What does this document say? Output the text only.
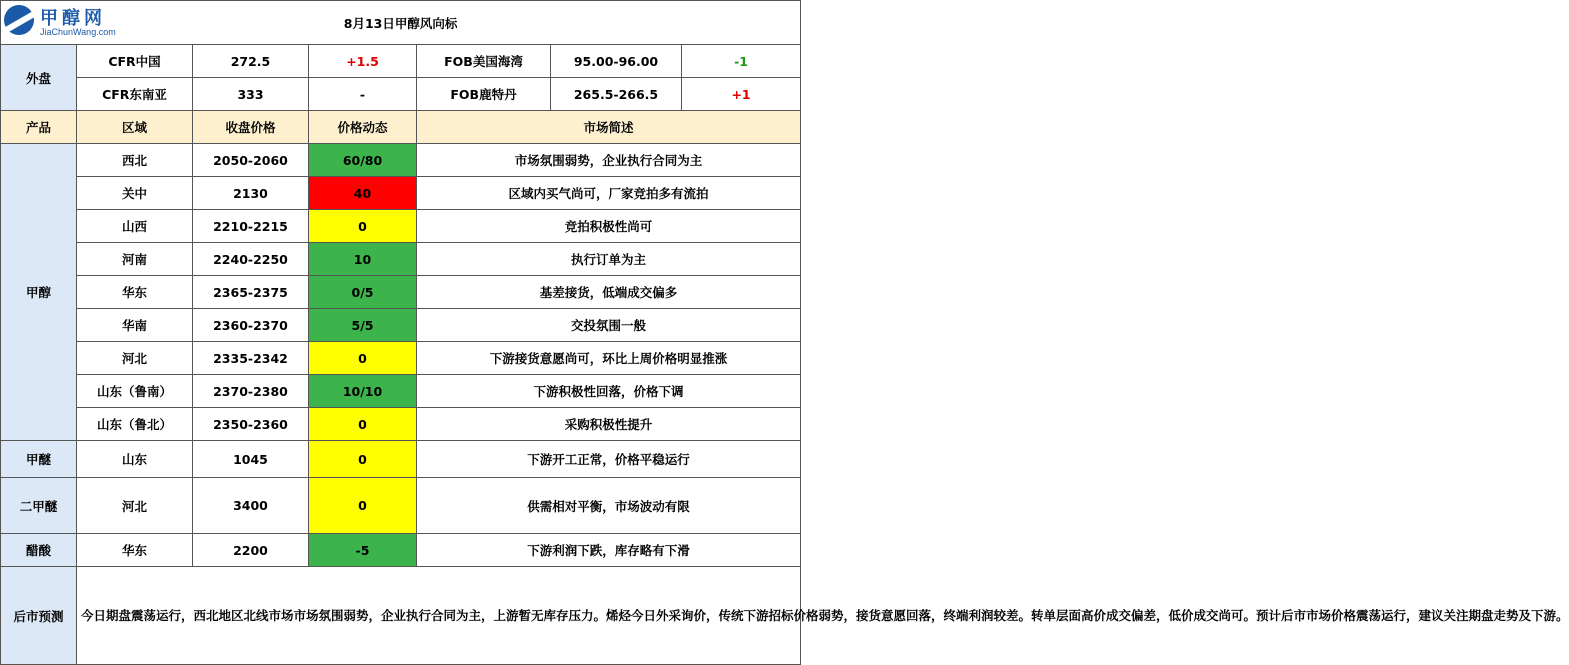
8月13日甲醇风向标						
外盘	CFR中国	272.5	+1.5	FOB美国海湾	95.00-96.00	-1
	CFR东南亚	333	-	FOB鹿特丹	265.5-266.5	+1
产品	区域	收盘价格	价格动态	市场简述		
甲醇	西北	2050-2060	60/80	市场氛围弱势，企业执行合同为主		
	关中	2130	40	区域内买气尚可，厂家竞拍多有流拍		
	山西	2210-2215	0	竞拍积极性尚可		
	河南	2240-2250	10	执行订单为主		
	华东	2365-2375	0/5	基差接货，低端成交偏多		
	华南	2360-2370	5/5	交投氛围一般		
	河北	2335-2342	0	下游接货意愿尚可，环比上周价格明显推涨		
	山东（鲁南）	2370-2380	10/10	下游积极性回落，价格下调		
	山东（鲁北）	2350-2360	0	采购积极性提升		
甲醚	山东	1045	0	下游开工正常，价格平稳运行		
二甲醚	河北	3400	0	供需相对平衡，市场波动有限		
醋酸	华东	2200	-5	下游利润下跌，库存略有下滑		
后市预测	今日期盘震荡运行，西北地区北线市场市场氛围弱势，企业执行合同为主，上游暂无库存压力。烯烃今日外采询价，传统下游招标价格弱势，接货意愿回落，终端利润较差。转单层面高价成交偏差，低价成交尚可。预计后市市场价格震荡运行，建议关注期盘走势及下游。					
甲醇网
JiaChunWang.com
